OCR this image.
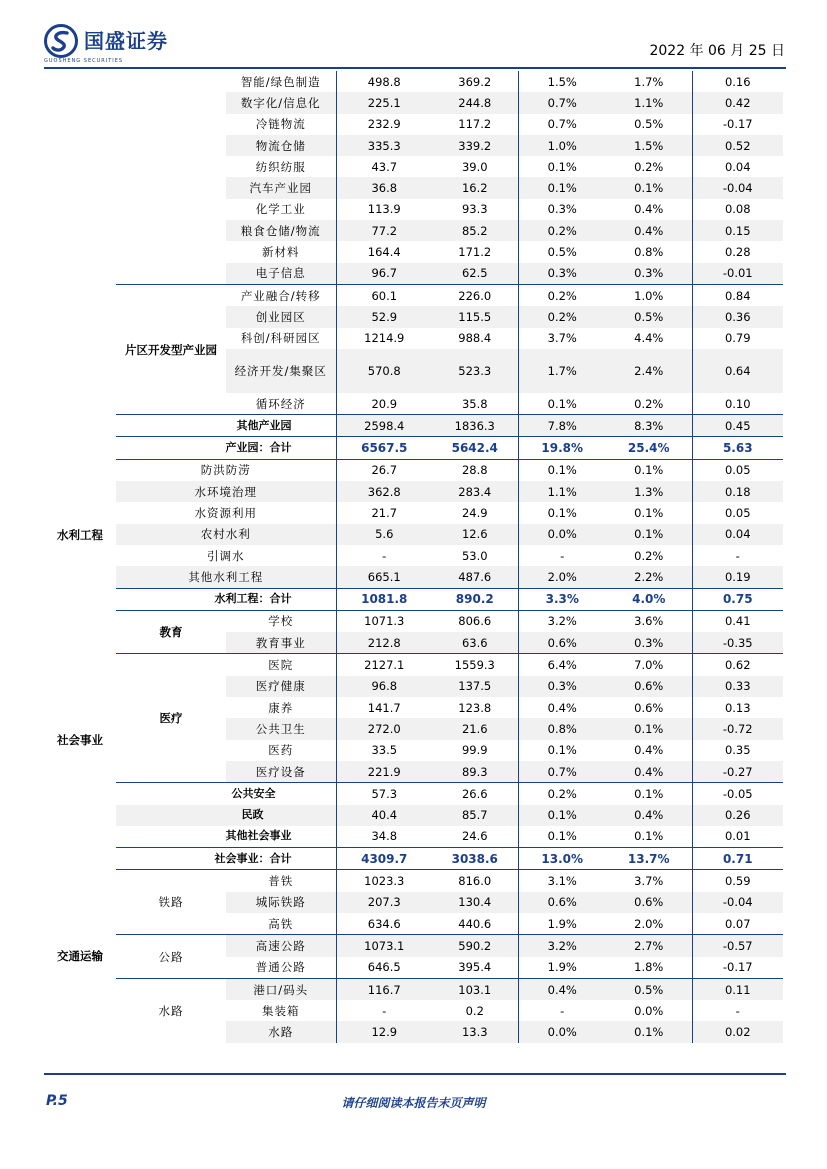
国盛证券
GUOSHENG SECURITIES
2022 年 06 月 25 日
		智能/绿色制造	498.8	369.2	1.5%	1.7%	0.16
		数字化/信息化	225.1	244.8	0.7%	1.1%	0.42
		冷链物流	232.9	117.2	0.7%	0.5%	-0.17
		物流仓储	335.3	339.2	1.0%	1.5%	0.52
		纺织纺服	43.7	39.0	0.1%	0.2%	0.04
		汽车产业园	36.8	16.2	0.1%	0.1%	-0.04
		化学工业	113.9	93.3	0.3%	0.4%	0.08
		粮食仓储/物流	77.2	85.2	0.2%	0.4%	0.15
		新材料	164.4	171.2	0.5%	0.8%	0.28
		电子信息	96.7	62.5	0.3%	0.3%	-0.01
	片区开发型产业园	产业融合/转移	60.1	226.0	0.2%	1.0%	0.84
		创业园区	52.9	115.5	0.2%	0.5%	0.36
		科创/科研园区	1214.9	988.4	3.7%	4.4%	0.79
		经济开发/集聚区	570.8	523.3	1.7%	2.4%	0.64
		循环经济	20.9	35.8	0.1%	0.2%	0.10
	其他产业园		2598.4	1836.3	7.8%	8.3%	0.45
	产业园：合计		6567.5	5642.4	19.8%	25.4%	5.63
水利工程	防洪防涝		26.7	28.8	0.1%	0.1%	0.05
	水环境治理		362.8	283.4	1.1%	1.3%	0.18
	水资源利用		21.7	24.9	0.1%	0.1%	0.05
	农村水利		5.6	12.6	0.0%	0.1%	0.04
	引调水		-	53.0	-	0.2%	-
	其他水利工程		665.1	487.6	2.0%	2.2%	0.19
	水利工程：合计		1081.8	890.2	3.3%	4.0%	0.75
社会事业	教育	学校	1071.3	806.6	3.2%	3.6%	0.41
		教育事业	212.8	63.6	0.6%	0.3%	-0.35
	医疗	医院	2127.1	1559.3	6.4%	7.0%	0.62
		医疗健康	96.8	137.5	0.3%	0.6%	0.33
		康养	141.7	123.8	0.4%	0.6%	0.13
		公共卫生	272.0	21.6	0.8%	0.1%	-0.72
		医药	33.5	99.9	0.1%	0.4%	0.35
		医疗设备	221.9	89.3	0.7%	0.4%	-0.27
	公共安全		57.3	26.6	0.2%	0.1%	-0.05
	民政		40.4	85.7	0.1%	0.4%	0.26
	其他社会事业		34.8	24.6	0.1%	0.1%	0.01
	社会事业：合计		4309.7	3038.6	13.0%	13.7%	0.71
交通运输	铁路	普铁	1023.3	816.0	3.1%	3.7%	0.59
		城际铁路	207.3	130.4	0.6%	0.6%	-0.04
		高铁	634.6	440.6	1.9%	2.0%	0.07
	公路	高速公路	1073.1	590.2	3.2%	2.7%	-0.57
		普通公路	646.5	395.4	1.9%	1.8%	-0.17
	水路	港口/码头	116.7	103.1	0.4%	0.5%	0.11
		集装箱	-	0.2	-	0.0%	-
		水路	12.9	13.3	0.0%	0.1%	0.02
P.5	请仔细阅读本报告末页声明
